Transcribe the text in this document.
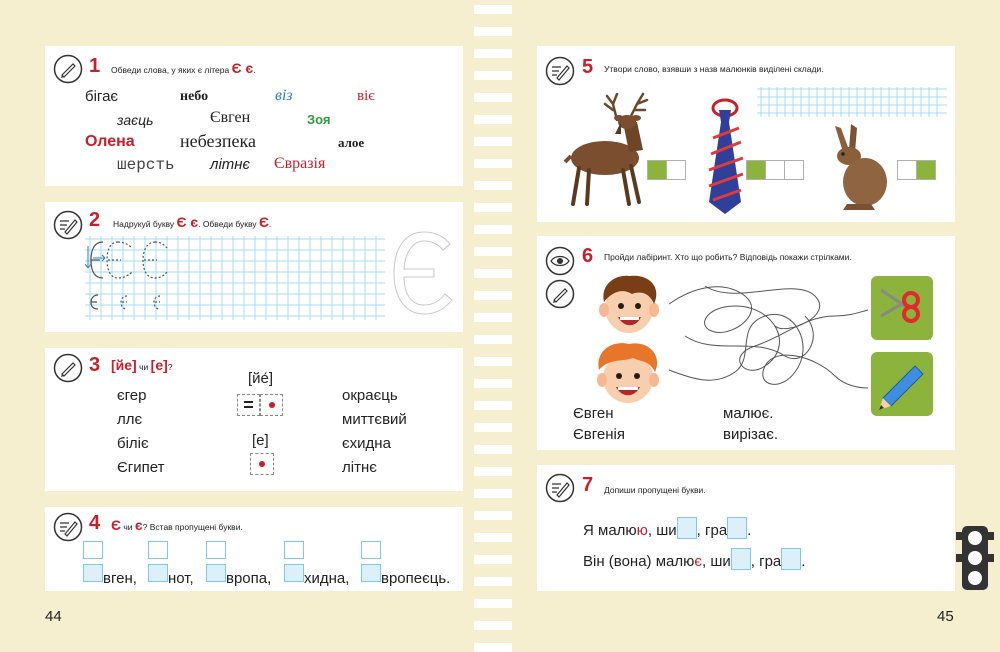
1 Обведи слова, у яких є літера Є є.
бігає	небо	віз	віє
заєць	Євген	Зоя
Олена	небезпека	алое
шерсть літнє Євразія
2 Надрукуй букву Є є. Обведи букву Є.
3 [йе] чи [е]?
єгер
ллє
біліє
Єгипет
[йе́]
=
[е]
окраєць
миттєвий
єхидна
літнє
4 Є чи є? Встав пропущені букви.

вген,	нот,	вропа,	хидна,	вропеєць.
44
5 Утвори слово, взявши з назв малюнків виділені склади.
6 Пройди лабіринт. Хто що робить? Відповідь покажи стрілками.
Євген
Євгенія
малює.
вирізає.
7 Допиши пропущені букви.
Я малюю, ши , гра .
Він (вона) малює, ши , гра .
45
